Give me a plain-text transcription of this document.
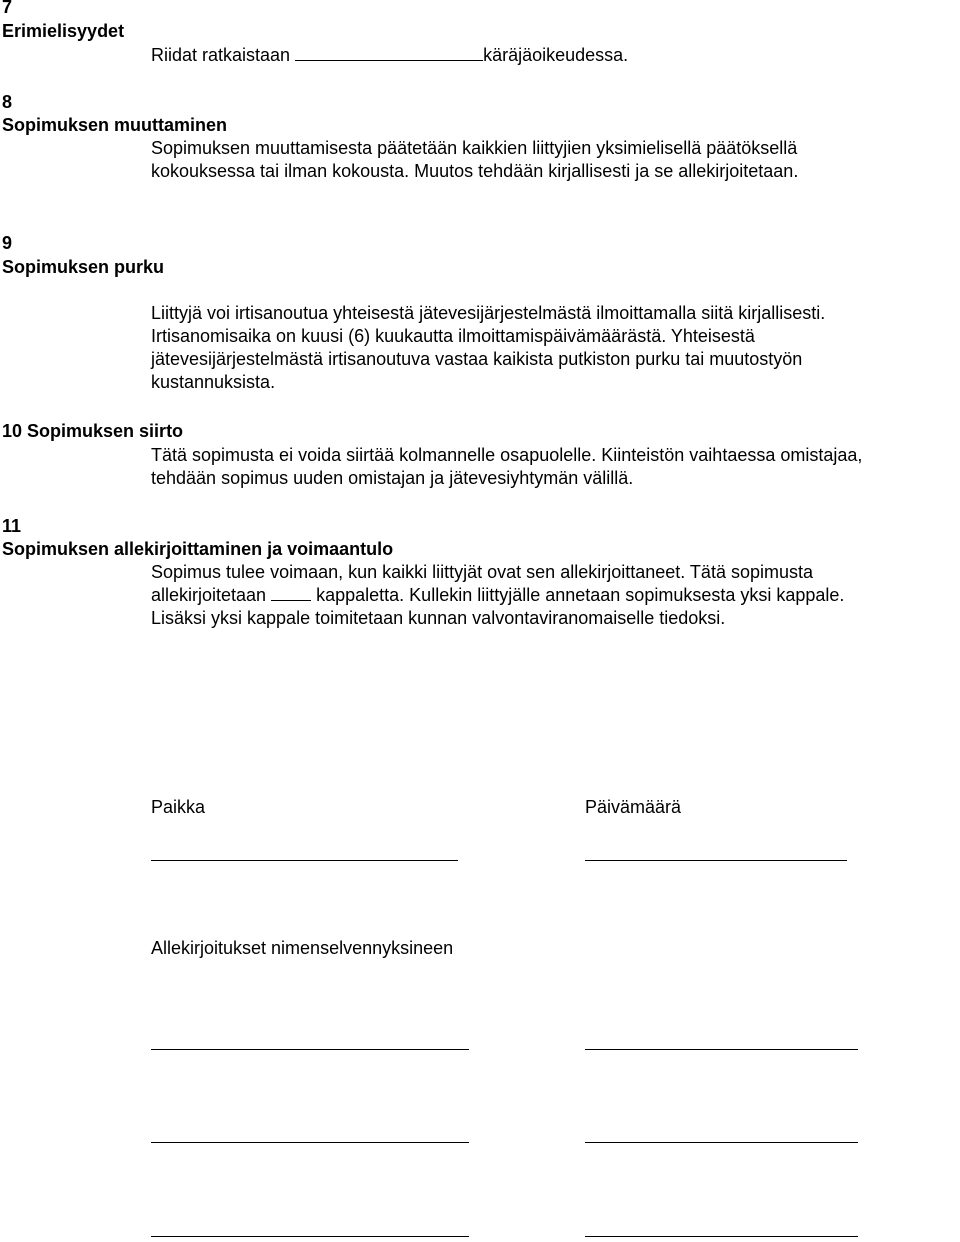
7
Erimielisyydet
Riidat ratkaistaan	käräjäoikeudessa.
8
Sopimuksen muuttaminen
Sopimuksen muuttamisesta päätetään kaikkien liittyjien yksimielisellä päätöksellä
kokouksessa tai ilman kokousta. Muutos tehdään kirjallisesti ja se allekirjoitetaan.
9
Sopimuksen purku
Liittyjä voi irtisanoutua yhteisestä jätevesijärjestelmästä ilmoittamalla siitä kirjallisesti.
Irtisanomisaika on kuusi (6) kuukautta ilmoittamispäivämäärästä. Yhteisestä
jätevesijärjestelmästä irtisanoutuva vastaa kaikista putkiston purku tai muutostyön
kustannuksista.
10 Sopimuksen siirto
Tätä sopimusta ei voida siirtää kolmannelle osapuolelle. Kiinteistön vaihtaessa omistajaa,
tehdään sopimus uuden omistajan ja jätevesiyhtymän välillä.
11
Sopimuksen allekirjoittaminen ja voimaantulo
Sopimus tulee voimaan, kun kaikki liittyjät ovat sen allekirjoittaneet. Tätä sopimusta
allekirjoitetaan	kappaletta. Kullekin liittyjälle annetaan sopimuksesta yksi kappale.
Lisäksi yksi kappale toimitetaan kunnan valvontaviranomaiselle tiedoksi.
Paikka	Päivämäärä
Allekirjoitukset nimenselvennyksineen
